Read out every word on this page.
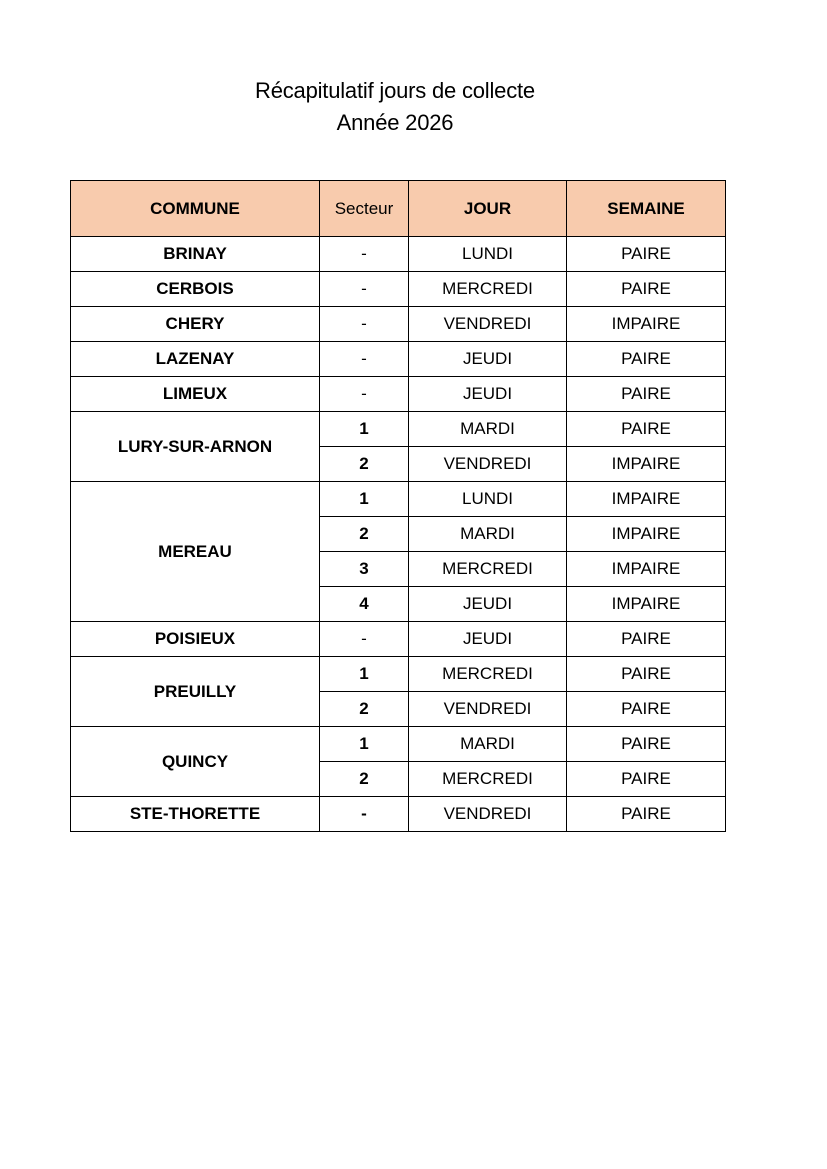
Récapitulatif jours de collecte
Année 2026
COMMUNE	Secteur	JOUR	SEMAINE
BRINAY	-	LUNDI	PAIRE
CERBOIS	-	MERCREDI	PAIRE
CHERY	-	VENDREDI	IMPAIRE
LAZENAY	-	JEUDI	PAIRE
LIMEUX	-	JEUDI	PAIRE
LURY-SUR-ARNON	1	MARDI	PAIRE
	2	VENDREDI	IMPAIRE
MEREAU	1	LUNDI	IMPAIRE
	2	MARDI	IMPAIRE
	3	MERCREDI	IMPAIRE
	4	JEUDI	IMPAIRE
POISIEUX	-	JEUDI	PAIRE
PREUILLY	1	MERCREDI	PAIRE
	2	VENDREDI	PAIRE
QUINCY	1	MARDI	PAIRE
	2	MERCREDI	PAIRE
STE-THORETTE	-	VENDREDI	PAIRE
